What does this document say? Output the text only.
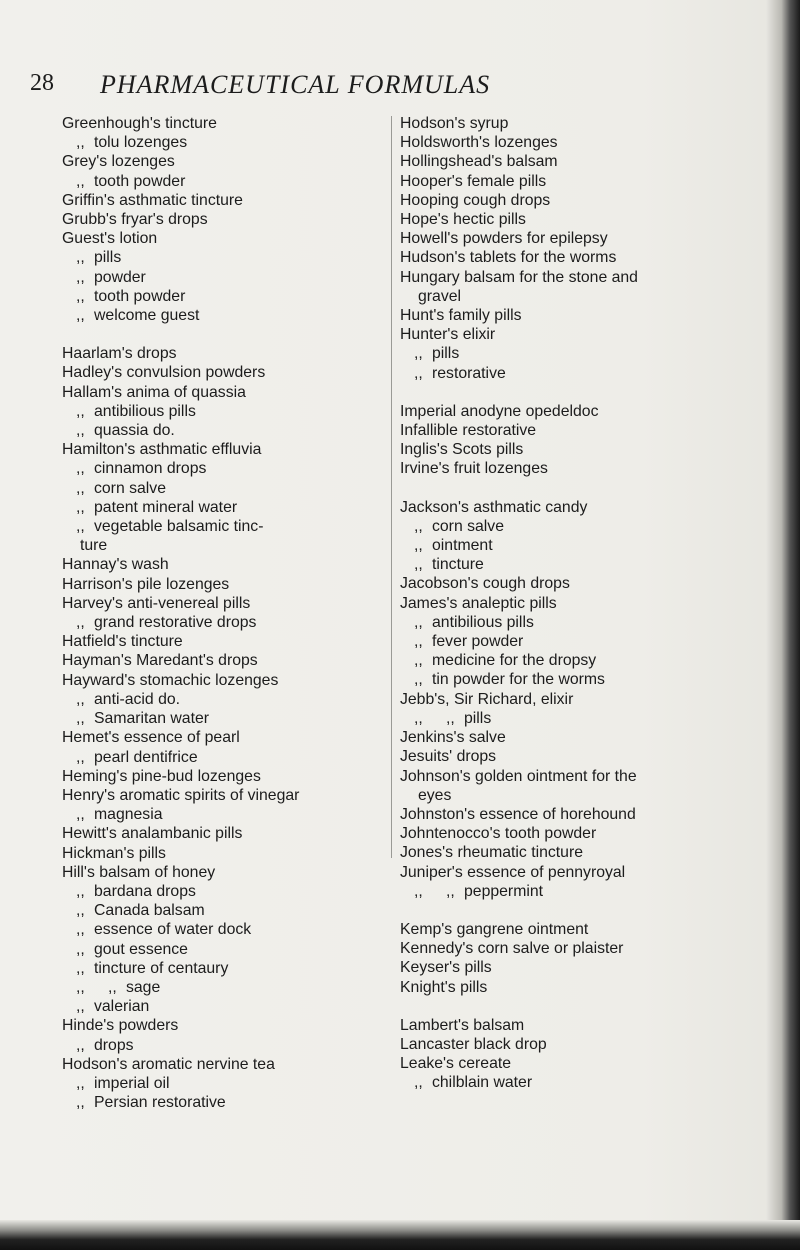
28 PHARMACEUTICAL FORMULAS
Greenhough's tincture
,, tolu lozenges
Grey's lozenges
,, tooth powder
Griffin's asthmatic tincture
Grubb's fryar's drops
Guest's lotion
,, pills
,, powder
,, tooth powder
,, welcome guest
Haarlam's drops
Hadley's convulsion powders
Hallam's anima of quassia
,, antibilious pills
,, quassia do.
Hamilton's asthmatic effluvia
,, cinnamon drops
,, corn salve
,, patent mineral water
,, vegetable balsamic tinc-
ture
Hannay's wash
Harrison's pile lozenges
Harvey's anti-venereal pills
,, grand restorative drops
Hatfield's tincture
Hayman's Maredant's drops
Hayward's stomachic lozenges
,, anti-acid do.
,, Samaritan water
Hemet's essence of pearl
,, pearl dentifrice
Heming's pine-bud lozenges
Henry's aromatic spirits of vinegar
,, magnesia
Hewitt's analambanic pills
Hickman's pills
Hill's balsam of honey
,, bardana drops
,, Canada balsam
,, essence of water dock
,, gout essence
,, tincture of centaury
,, ,, sage
,, valerian
Hinde's powders
,, drops
Hodson's aromatic nervine tea
,, imperial oil
,, Persian restorative
Hodson's syrup
Holdsworth's lozenges
Hollingshead's balsam
Hooper's female pills
Hooping cough drops
Hope's hectic pills
Howell's powders for epilepsy
Hudson's tablets for the worms
Hungary balsam for the stone and
gravel
Hunt's family pills
Hunter's elixir
,, pills
,, restorative
Imperial anodyne opedeldoc
Infallible restorative
Inglis's Scots pills
Irvine's fruit lozenges
Jackson's asthmatic candy
,, corn salve
,, ointment
,, tincture
Jacobson's cough drops
James's analeptic pills
,, antibilious pills
,, fever powder
,, medicine for the dropsy
,, tin powder for the worms
Jebb's, Sir Richard, elixir
,, ,, pills
Jenkins's salve
Jesuits' drops
Johnson's golden ointment for the
eyes
Johnston's essence of horehound
Johntenocco's tooth powder
Jones's rheumatic tincture
Juniper's essence of pennyroyal
,, ,, peppermint
Kemp's gangrene ointment
Kennedy's corn salve or plaister
Keyser's pills
Knight's pills
Lambert's balsam
Lancaster black drop
Leake's cereate
,, chilblain water
